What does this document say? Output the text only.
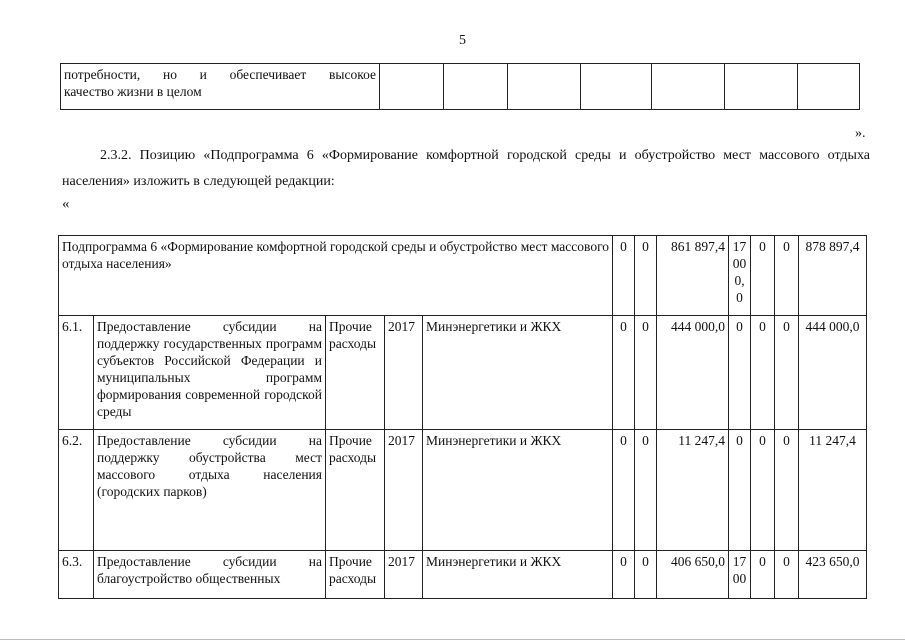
5
потребности, но и обеспечивает высокое
качество жизни в целом

».
2.3.2. Позицию «Подпрограмма 6 «Формирование комфортной городской среды и обустройство мест массового отдыха населения» изложить в следующей редакции:
«
Подпрограмма 6 «Формирование комфортной городской среды и обустройство мест массового отдыха населения»					0	0	861 897,4	17 00 0, 0	0	0	878 897,4
6.1.	Предоставление субсидии на поддержку государственных программ субъектов Российской Федерации и муниципальных программ формирования современной городской среды	Прочие расходы	2017	Минэнергетики и ЖКХ	0	0	444 000,0	0	0	0	444 000,0
6.2.	Предоставление субсидии на поддержку обустройства мест массового отдыха населения (городских парков)	Прочие расходы	2017	Минэнергетики и ЖКХ	0	0	11 247,4	0	0	0	11 247,4
6.3.	Предоставление субсидии на благоустройство общественных	Прочие расходы	2017	Минэнергетики и ЖКХ	0	0	406 650,0	17 00	0	0	423 650,0
